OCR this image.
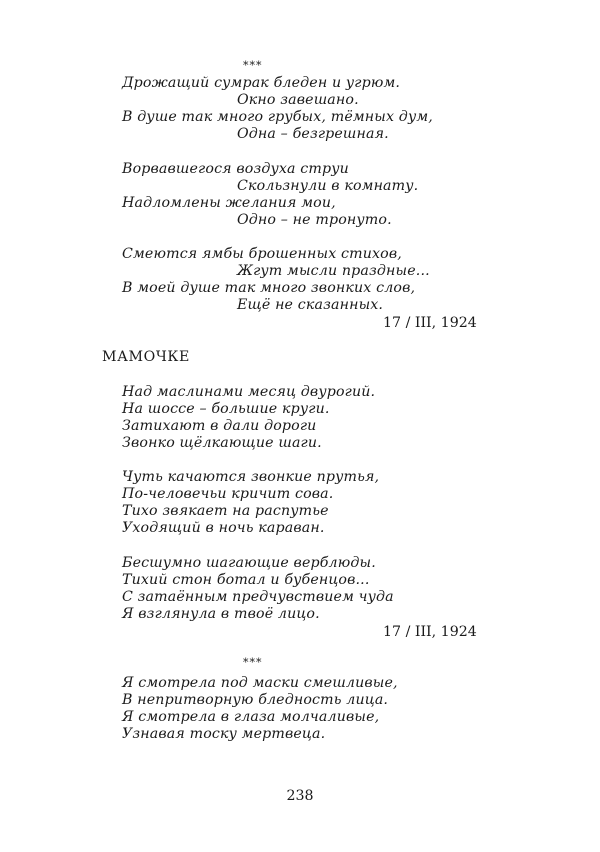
***
Дрожащий сумрак бледен и угрюм.
Окно завешано.
В душе так много грубых, тёмных дум,
Одна – безгрешная.
Ворвавшегося воздуха струи
Скользнули в комнату.
Надломлены желания мои,
Одно – не тронуто.
Смеются ямбы брошенных стихов,
Жгут мысли праздные...
В моей душе так много звонких слов,
Ещё не сказанных.
17 / III, 1924
МАМОЧКЕ
Над маслинами месяц двурогий.
На шоссе – большие круги.
Затихают в дали дороги
Звонко щёлкающие шаги.
Чуть качаются звонкие прутья,
По-человечьи кричит сова.
Тихо звякает на распутье
Уходящий в ночь караван.
Бесшумно шагающие верблюды.
Тихий стон ботал и бубенцов...
С затаённым предчувствием чуда
Я взглянула в твоё лицо.
17 / III, 1924
***
Я смотрела под маски смешливые,
В непритворную бледность лица.
Я смотрела в глаза молчаливые,
Узнавая тоску мертвеца.
238
